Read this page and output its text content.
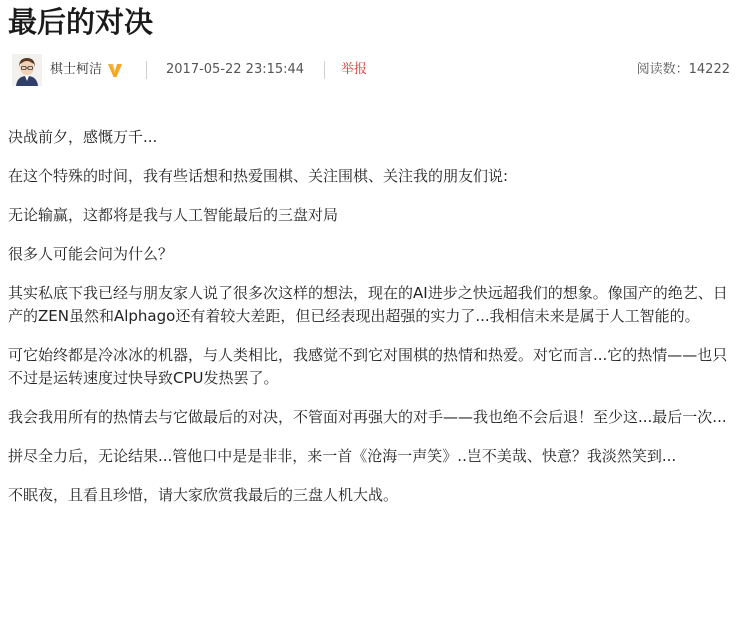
最后的对决
棋士柯洁	2017-05-22 23:15:44	举报	阅读数：14222

决战前夕，感慨万千...

在这个特殊的时间，我有些话想和热爱围棋、关注围棋、关注我的朋友们说:

无论输赢，这都将是我与人工智能最后的三盘对局

很多人可能会问为什么？

其实私底下我已经与朋友家人说了很多次这样的想法，现在的AI进步之快远超我们的想象。像国产的绝艺、日产的ZEN虽然和Alphago还有着较大差距，但已经表现出超强的实力了...我相信未来是属于人工智能的。

可它始终都是冷冰冰的机器，与人类相比，我感觉不到它对围棋的热情和热爱。对它而言...它的热情——也只不过是运转速度过快导致CPU发热罢了。

我会我用所有的热情去与它做最后的对决，不管面对再强大的对手——我也绝不会后退！至少这...最后一次...

拼尽全力后，无论结果...管他口中是是非非，来一首《沧海一声笑》..岂不美哉、快意？我淡然笑到...

不眠夜，且看且珍惜，请大家欣赏我最后的三盘人机大战。
